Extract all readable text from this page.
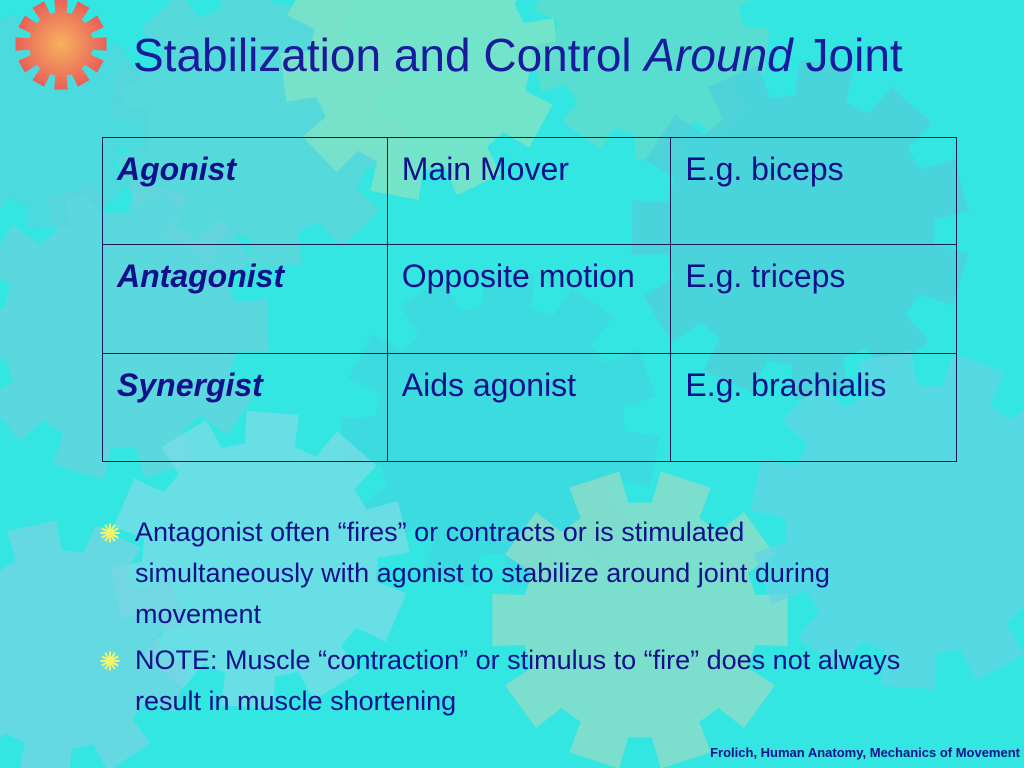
Stabilization and Control Around Joint
Agonist	Main Mover	E.g. biceps
Antagonist	Opposite motion	E.g. triceps
Synergist	Aids agonist	E.g. brachialis
Antagonist often “fires” or contracts or is stimulated simultaneously with agonist to stabilize around joint during movement
NOTE: Muscle “contraction” or stimulus to “fire” does not always result in muscle shortening
Frolich, Human Anatomy, Mechanics of Movement
